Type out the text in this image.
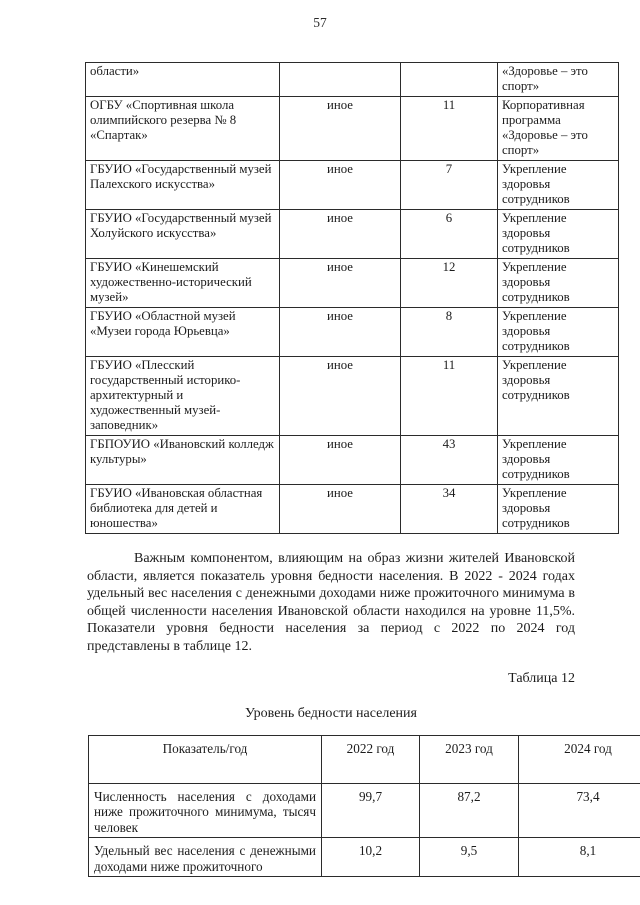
57
области»			«Здоровье – это спорт»
ОГБУ «Спортивная школа олимпийского резерва № 8 «Спартак»	иное	11	Корпоративная программа «Здоровье – это спорт»
ГБУИО «Государственный музей Палехского искусства»	иное	7	Укрепление здоровья сотрудников
ГБУИО «Государственный музей Холуйского искусства»	иное	6	Укрепление здоровья сотрудников
ГБУИО «Кинешемский художественно-исторический музей»	иное	12	Укрепление здоровья сотрудников
ГБУИО «Областной музей «Музеи города Юрьевца»	иное	8	Укрепление здоровья сотрудников
ГБУИО «Плесский государственный историко-архитектурный и художественный музей-заповедник»	иное	11	Укрепление здоровья сотрудников
ГБПОУИО «Ивановский колледж культуры»	иное	43	Укрепление здоровья сотрудников
ГБУИО «Ивановская областная библиотека для детей и юношества»	иное	34	Укрепление здоровья сотрудников
Важным компонентом, влияющим на образ жизни жителей Ивановской области, является показатель уровня бедности населения. В 2022 - 2024 годах удельный вес населения с денежными доходами ниже прожиточного минимума в общей численности населения Ивановской области находился на уровне 11,5%. Показатели уровня бедности населения за период с 2022 по 2024 год представлены в таблице 12.
Таблица 12
Уровень бедности населения
Показатель/год	2022 год	2023 год	2024 год
Численность населения с доходами ниже прожиточного минимума, тысяч человек	99,7	87,2	73,4
Удельный вес населения с денежными доходами ниже прожиточного	10,2	9,5	8,1
